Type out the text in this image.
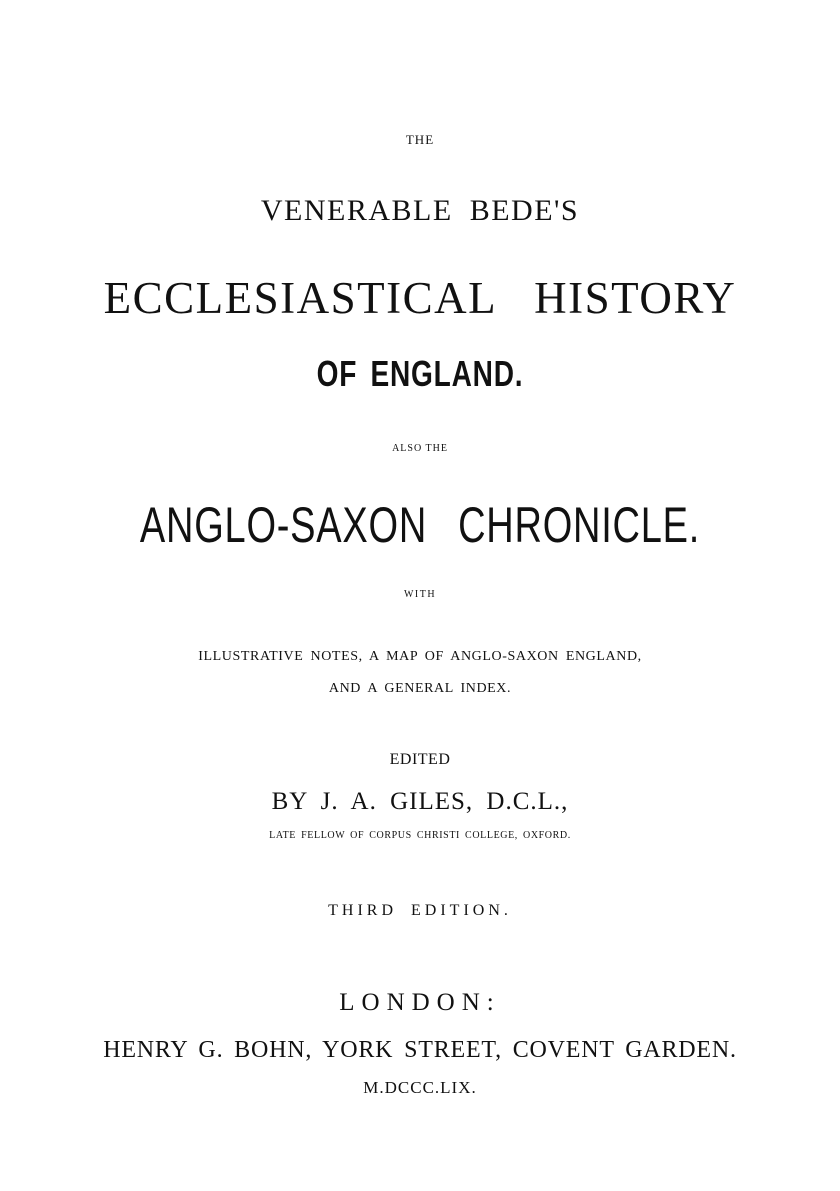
THE
VENERABLE BEDE'S
ECCLESIASTICAL HISTORY
OF ENGLAND.
ALSO THE
ANGLO-SAXON CHRONICLE.
WITH
ILLUSTRATIVE NOTES, A MAP OF ANGLO-SAXON ENGLAND,
AND A GENERAL INDEX.
EDITED
BY J. A. GILES, D.C.L.,
LATE FELLOW OF CORPUS CHRISTI COLLEGE, OXFORD.
THIRD EDITION.
LONDON:
HENRY G. BOHN, YORK STREET, COVENT GARDEN.
M.DCCC.LIX.
